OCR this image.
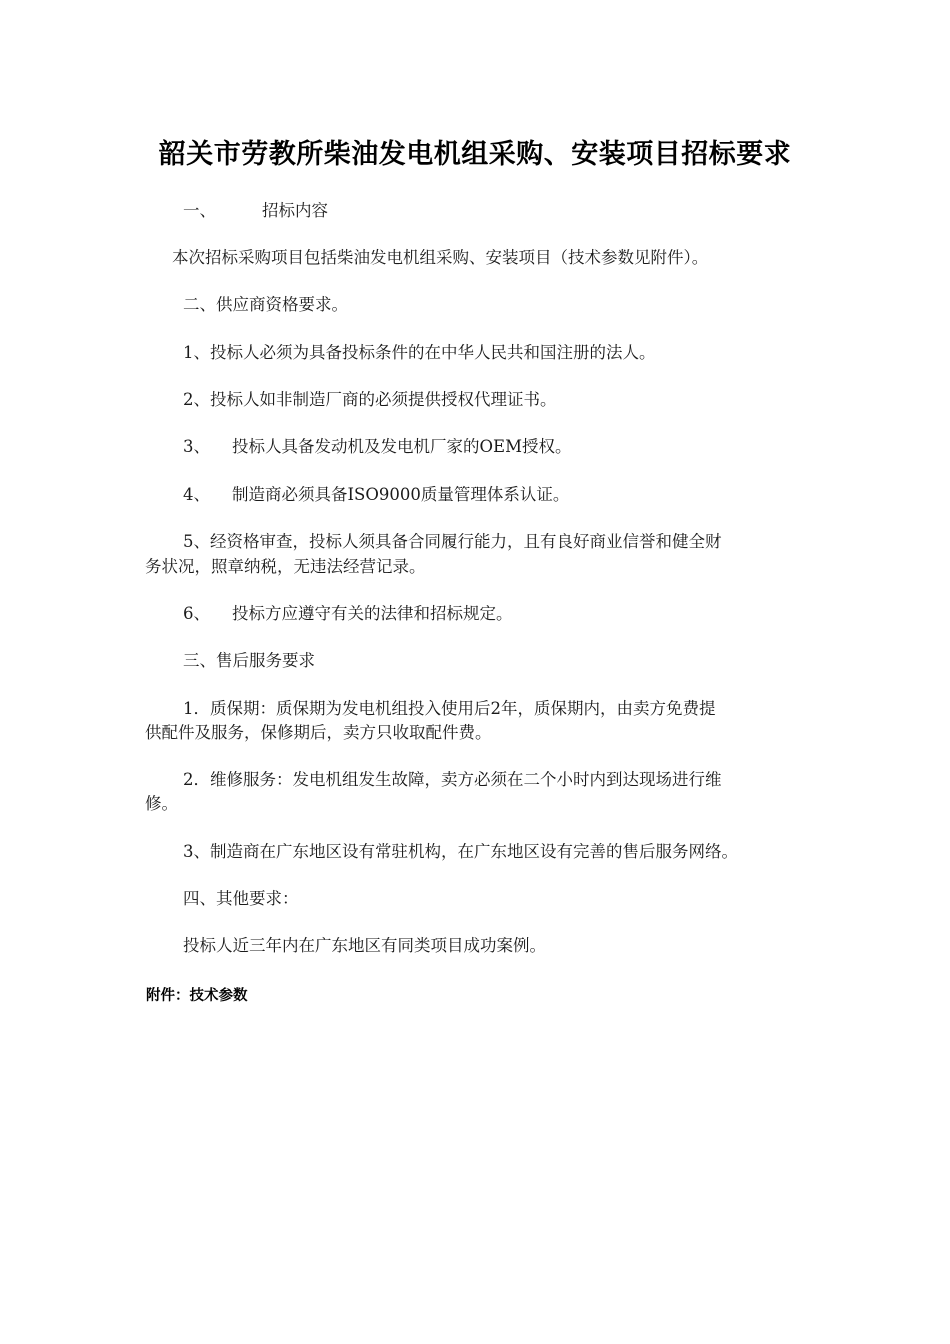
韶关市劳教所柴油发电机组采购、安装项目招标要求
一、	招标内容
本次招标采购项目包括柴油发电机组采购、安装项目（技术参数见附件）。
二、供应商资格要求。
1、投标人必须为具备投标条件的在中华人民共和国注册的法人。
2、投标人如非制造厂商的必须提供授权代理证书。
3、 投标人具备发动机及发电机厂家的OEM授权。
4、 制造商必须具备ISO9000质量管理体系认证。
5、经资格审查，投标人须具备合同履行能力，且有良好商业信誉和健全财
务状况，照章纳税，无违法经营记录。
6、 投标方应遵守有关的法律和招标规定。
三、售后服务要求
1．质保期：质保期为发电机组投入使用后2年，质保期内，由卖方免费提
供配件及服务，保修期后，卖方只收取配件费。
2．维修服务：发电机组发生故障，卖方必须在二个小时内到达现场进行维
修。
3、制造商在广东地区设有常驻机构，在广东地区设有完善的售后服务网络。
四、其他要求：
投标人近三年内在广东地区有同类项目成功案例。
附件：技术参数
